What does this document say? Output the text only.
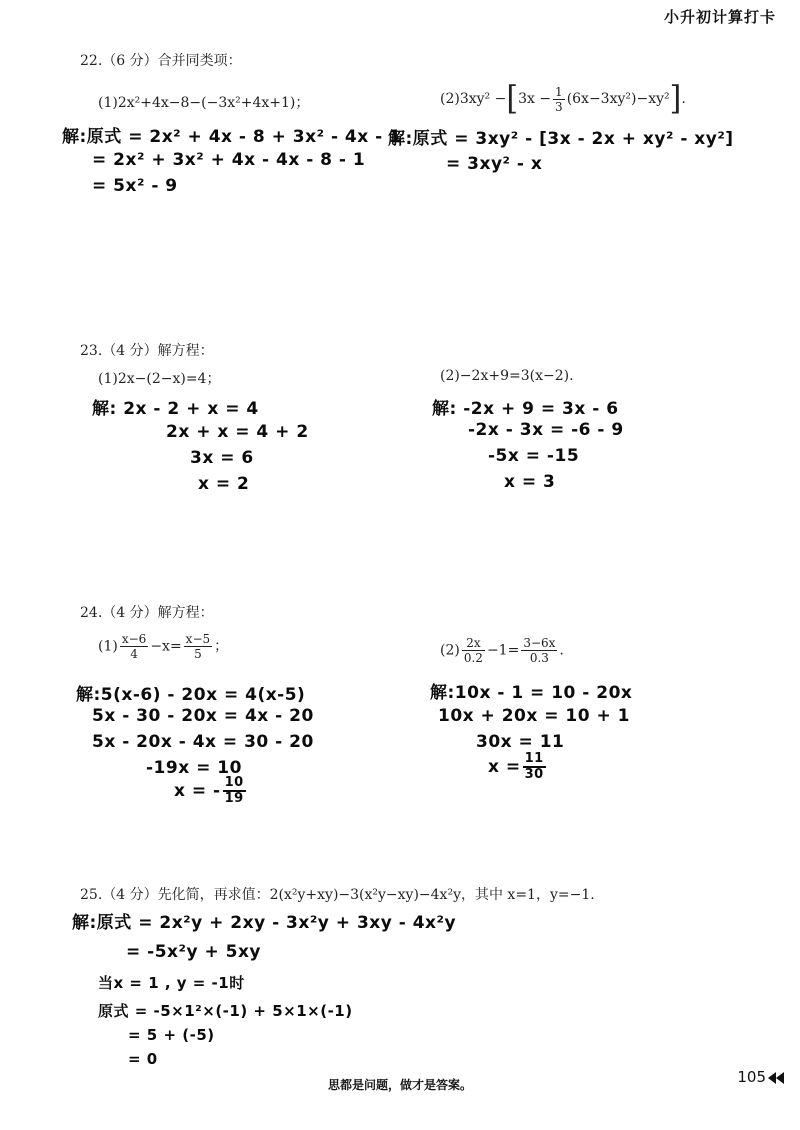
小升初计算打卡
22.（6 分）合并同类项：
(1)2x²+4x−8−(−3x²+4x+1)；
解:原式 = 2x² + 4x - 8 + 3x² - 4x - 1
= 2x² + 3x² + 4x - 4x - 8 - 1
= 5x² - 9
$(2)3xy^2 -[3x - \frac{1}{3} (6x-3xy^2)-xy^2]$.
解:原式 = 3xy² - [3x - 2x + xy² - xy²]
= 3xy² - x
23.（4 分）解方程：
(1)2x−(2−x)=4；
解: 2x - 2 + x = 4
2x + x = 4 + 2
3x = 6
x = 2
(2)−2x+9=3(x−2).
解: -2x + 9 = 3x - 6
-2x - 3x = -6 - 9
-5x = -15
x = 3
24.（4 分）解方程：
$(1) \frac{x-6}{4} -x= \frac{x-5}{5}$ ；
解:5(x-6) - 20x = 4(x-5)
5x - 30 - 20x = 4x - 20
5x - 20x - 4x = 30 - 20
-19x = 10
x = - $\frac{10}{19}$
$(2) \frac{2x}{0.2} -1= \frac{3-6x}{0.3}$ .
解:10x - 1 = 10 - 20x
10x + 20x = 10 + 1
30x = 11
$x = \frac{11}{30}$
25.（4 分）先化简，再求值：2(x²y+xy)−3(x²y−xy)−4x²y，其中 x=1，y=−1.
解:原式 = 2x²y + 2xy - 3x²y + 3xy - 4x²y
= -5x²y + 5xy
当x = 1 , y = -1时
原式 = -5×1²×(-1) + 5×1×(-1)
= 5 + (-5)
= 0
思都是问题，做才是答案。	105
